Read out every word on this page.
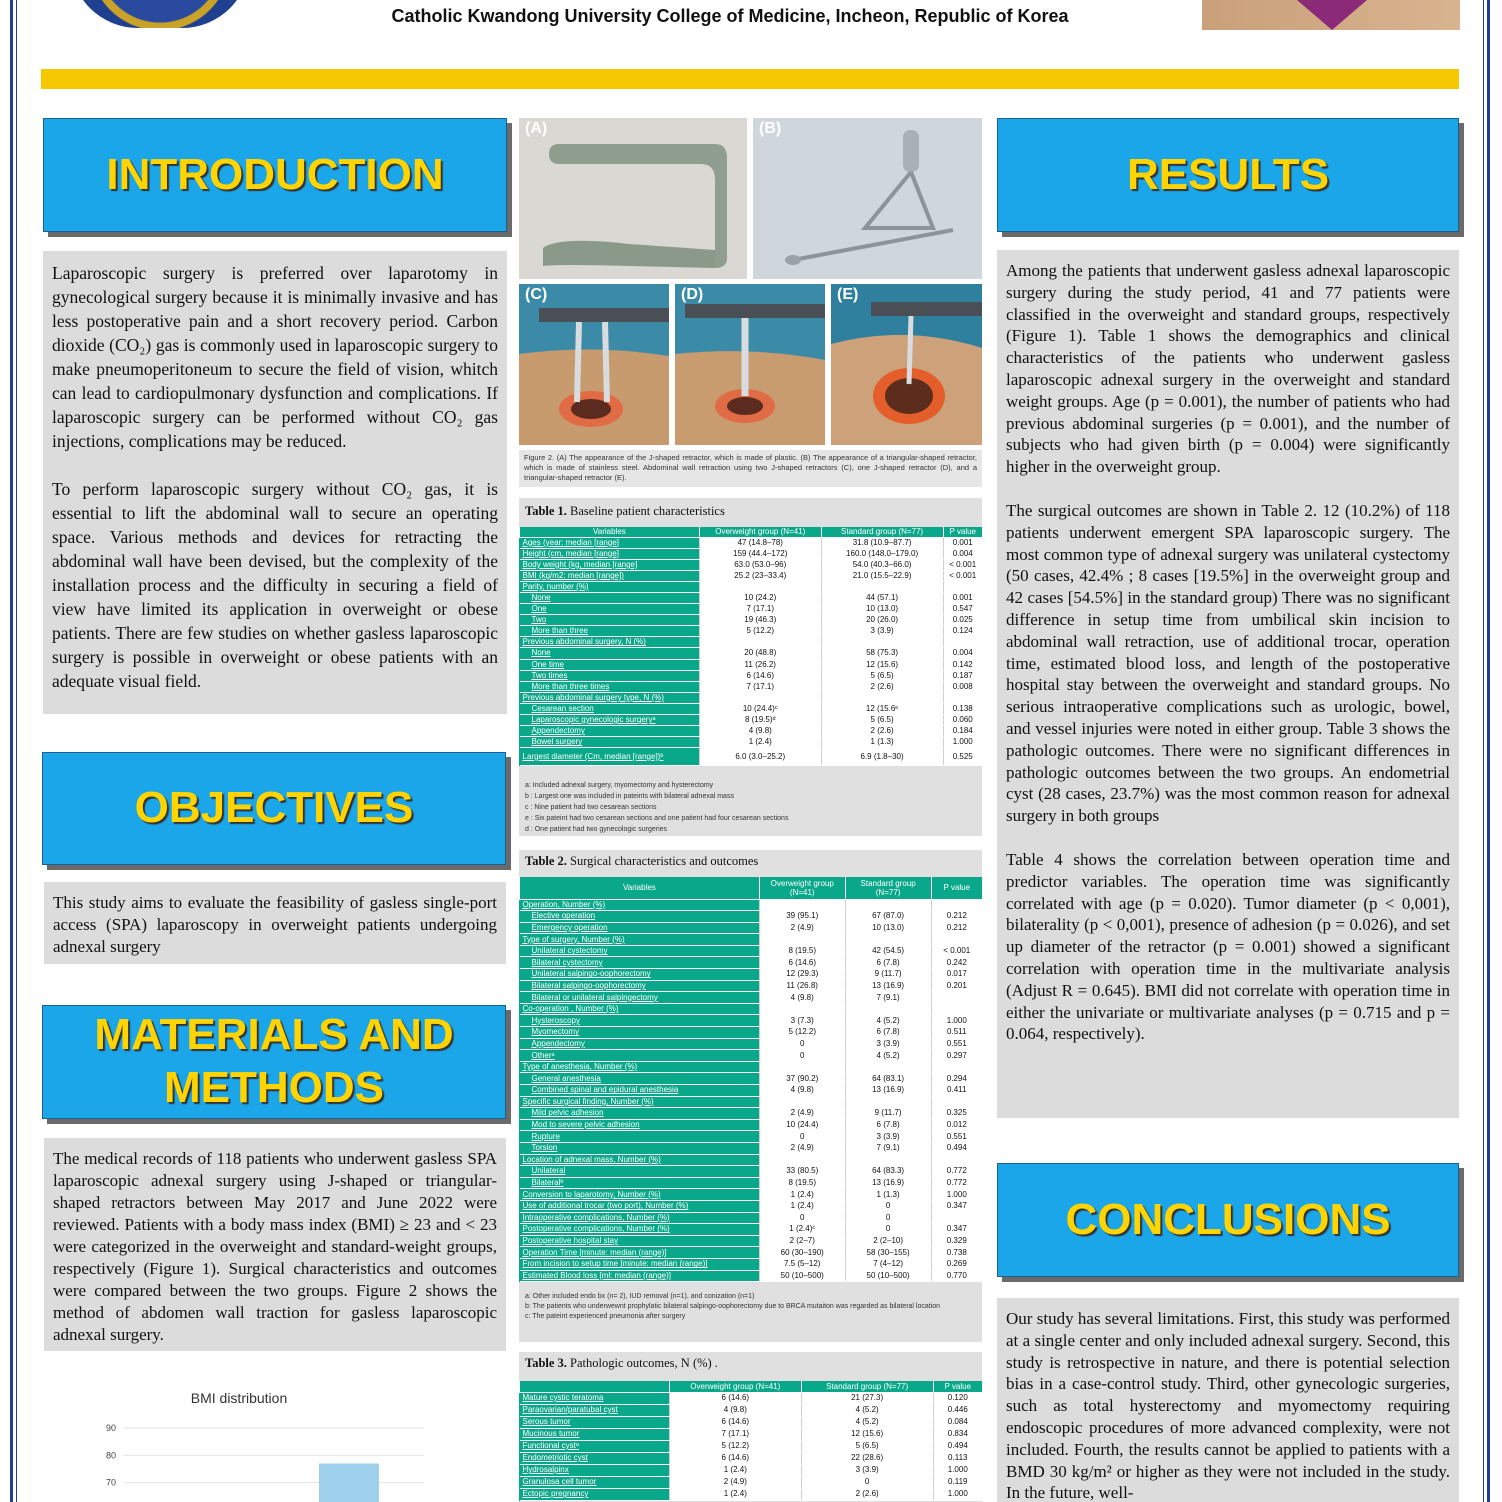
Catholic Kwandong University College of Medicine, Incheon, Republic of Korea
INTRODUCTION

Laparoscopic surgery is preferred over laparotomy in gynecological surgery because it is minimally invasive and has less postoperative pain and a short recovery period. Carbon dioxide (CO₂) gas is commonly used in laparoscopic surgery to make pneumoperitoneum to secure the field of vision, whitch can lead to cardiopulmonary dysfunction and complications. If laparoscopic surgery can be performed without CO₂ gas injections, complications may be reduced.

To perform laparoscopic surgery without CO₂ gas, it is essential to lift the abdominal wall to secure an operating space. Various methods and devices for retracting the abdominal wall have been devised, but the complexity of the installation process and the difficulty in securing a field of view have limited its application in overweight or obese patients. There are few studies on whether gasless laparoscopic surgery is possible in overweight or obese patients with an adequate visual field.

OBJECTIVES

This study aims to evaluate the feasibility of gasless single-port access (SPA) laparoscopy in overweight patients undergoing adnexal surgery

MATERIALS AND
METHODS

The medical records of 118 patients who underwent gasless SPA laparoscopic adnexal surgery using J-shaped or triangular-shaped retractors between May 2017 and June 2022 were reviewed. Patients with a body mass index (BMI) ≥ 23 and < 23 were categorized in the overweight and standard-weight groups, respectively (Figure 1). Surgical characteristics and outcomes were compared between the two groups. Figure 2 shows the method of abdomen wall traction for gasless laparoscopic adnexal surgery.

BMI distribution
70
80
90
(A)	(B)
(C)	(D)	(E)
Figure 2. (A) The appearance of the J-shaped retractor, which is made of plastic. (B) The appearance of a triangular-shaped retractor, which is made of stainless steel. Abdominal wall retraction using two J-shaped retractors (C), one J-shaped retractor (D), and a triangular-shaped retractor (E).
Table 1. Baseline patient characteristics
Variables	Overweight group (N=41)	Standard group (N=77)	P value
Ages (year: median [range]	47 (14.8–78)	31.8 (10.9–87.7)	0.001
Height (cm, median [range]	159 (44.4–172)	160.0 (148.0–179.0)	0.004
Body weight (kg, median [range]	63.0 (53.0–96)	54.0 (40.3–66.0)	< 0.001
BMI (kg/m2: median [range])	25.2 (23–33.4)	21.0 (15.5–22.9)	< 0.001
Parity, number (%)			
None	10 (24.2)	44 (57.1)	0.001
One	7 (17.1)	10 (13.0)	0.547
Two	19 (46.3)	20 (26.0)	0.025
More than three	5 (12.2)	3 (3.9)	0.124
Previous abdominal surgery, N (%)			
None	20 (48.8)	58 (75.3)	0.004
One time	11 (26.2)	12 (15.6)	0.142
Two times	6 (14.6)	5 (6.5)	0.187
More than three times	7 (17.1)	2 (2.6)	0.008
Previous abdominal surgery type, N (%)			
Cesarean section	10 (24.4)ᶜ	12 (15.6ᵉ	0.138
Laparoscopic gynecologic surgeryᵃ	8 (19.5)ᵈ	5 (6.5)	0.060
Appendectomy	4 (9.8)	2 (2.6)	0.184
Bowel surgery	1 (2.4)	1 (1.3)	1.000
Largest diameter (Cm, median [range])ᵇ	6.0 (3.0–25.2)	6.9 (1.8–30)	0.525
a: Included adnexal surgery, myomectomy and hysterectomy
b : Largest one was included in pateints with bilateral adnexal mass
c : Nine patient had two cesarean sections
e : Six pateint had two cesarean sections and one patient had four cesarean sections
d : One patient had two gynecologic surgeries
Table 2. Surgical characteristics and outcomes
Variables	Overweight group (N=41)	Standard group (N=77)	P value
Operation, Number (%)			
Elective operation	39 (95.1)	67 (87.0)	0.212
Emergency operation	2 (4.9)	10 (13.0)	0.212
Type of surgery, Number (%)			
Unilateral cystectomy	8 (19.5)	42 (54.5)	< 0.001
Bilateral cystectomy	6 (14.6)	6 (7.8)	0.242
Unilateral salpingo-oophorectomy	12 (29.3)	9 (11.7)	0.017
Bilateral salpingo-oophorectomy	11 (26.8)	13 (16.9)	0.201
Bilateral or unilateral salpingectomy	4 (9.8)	7 (9.1)	
Co-operation , Number (%)			
Hysteroscopy	3 (7.3)	4 (5.2)	1.000
Myomectomy	5 (12.2)	6 (7.8)	0.511
Appendectomy	0	3 (3.9)	0.551
Otherᵃ	0	4 (5.2)	0.297
Type of anesthesia, Number (%)			
General anesthesia	37 (90.2)	64 (83.1)	0.294
Combined spinal and epidural anesthesia	4 (9.8)	13 (16.9)	0.411
Specific surgical finding, Number (%)			
Mild pelvic adhesion	2 (4.9)	9 (11.7)	0.325
Mod to severe pelvic adhesion	10 (24.4)	6 (7.8)	0.012
Rupture	0	3 (3.9)	0.551
Torsion	2 (4.9)	7 (9.1)	0.494
Location of adnexal mass, Number (%)			
Unilateral	33 (80.5)	64 (83.3)	0.772
Bilateralᵇ	8 (19.5)	13 (16.9)	0.772
Conversion to laparotomy, Number (%)	1 (2.4)	1 (1.3)	1.000
Use of additional trocar (two port), Number (%)	1 (2.4)	0	0.347
Intraoperative complications, Number (%)	0	0	
Postoperative complications, Number (%)	1 (2.4)ᶜ	0	0.347
Postoperative hospital stay	2 (2–7)	2 (2–10)	0.329
Operation Time [minute: median (range)]	60 (30–190)	58 (30–155)	0.738
From incision to setup time [minute: median (range)]	7.5 (5–12)	7 (4–12)	0.269
Estimated Blood loss [ml: median (range)]	50 (10–500)	50 (10–500)	0.770
a: Other included endo bx (n= 2), IUD removal (n=1), and conization (n=1)
b: The patients who underwewnt prophylatic bilateral salpingo-oophorectomy due to BRCA mutaiton was regarded as bilateral location
c: The pateint experienced pneumonia after surgery
Table 3. Pathologic outcomes, N (%) .
	Overweight group (N=41)	Standard group (N=77)	P value
Mature cystic teratoma	6 (14.6)	21 (27.3)	0.120
Paraovarian/paratubal cyst	4 (9.8)	4 (5.2)	0.446
Serous tumor	6 (14.6)	4 (5.2)	0.084
Mucinous tumor	7 (17.1)	12 (15.6)	0.834
Functional cystᵃ	5 (12.2)	5 (6.5)	0.494
Endometriotic cyst	6 (14.6)	22 (28.6)	0.113
Hydrosalpinx	1 (2.4)	3 (3.9)	1.000
Granulosa cell tumor	2 (4.9)	0	0.119
Ectopic pregnancy	1 (2.4)	2 (2.6)	1.000
RESULTS

Among the patients that underwent gasless adnexal laparoscopic surgery during the study period, 41 and 77 patients were classified in the overweight and standard groups, respectively (Figure 1). Table 1 shows the demographics and clinical characteristics of the patients who underwent gasless laparoscopic adnexal surgery in the overweight and standard weight groups. Age (p = 0.001), the number of patients who had previous abdominal surgeries (p = 0.001), and the number of subjects who had given birth (p = 0.004) were significantly higher in the overweight group.

The surgical outcomes are shown in Table 2. 12 (10.2%) of 118 patients underwent emergent SPA laparoscopic surgery. The most common type of adnexal surgery was unilateral cystectomy (50 cases, 42.4% ; 8 cases [19.5%] in the overweight group and 42 cases [54.5%] in the standard group) There was no significant difference in setup time from umbilical skin incision to abdominal wall retraction, use of additional trocar, operation time, estimated blood loss, and length of the postoperative hospital stay between the overweight and standard groups. No serious intraoperative complications such as urologic, bowel, and vessel injuries were noted in either group. Table 3 shows the pathologic outcomes. There were no significant differences in pathologic outcomes between the two groups. An endometrial cyst (28 cases, 23.7%) was the most common reason for adnexal surgery in both groups

Table 4 shows the correlation between operation time and predictor variables. The operation time was significantly correlated with age (p = 0.020). Tumor diameter (p < 0,001), bilaterality (p < 0,001), presence of adhesion (p = 0.026), and set up diameter of the retractor (p = 0.001) showed a significant correlation with operation time in the multivariate analysis (Adjust R = 0.645). BMI did not correlate with operation time in either the univariate or multivariate analyses (p = 0.715 and p = 0.064, respectively).

CONCLUSIONS

Our study has several limitations. First, this study was performed at a single center and only included adnexal surgery. Second, this study is retrospective in nature, and there is potential selection bias in a case-control study. Third, other gynecologic surgeries, such as total hysterectomy and myomectomy requiring endoscopic procedures of more advanced complexity, were not included. Fourth, the results cannot be applied to patients with a BMD 30 kg/m² or higher as they were not included in the study. In the future, well-
